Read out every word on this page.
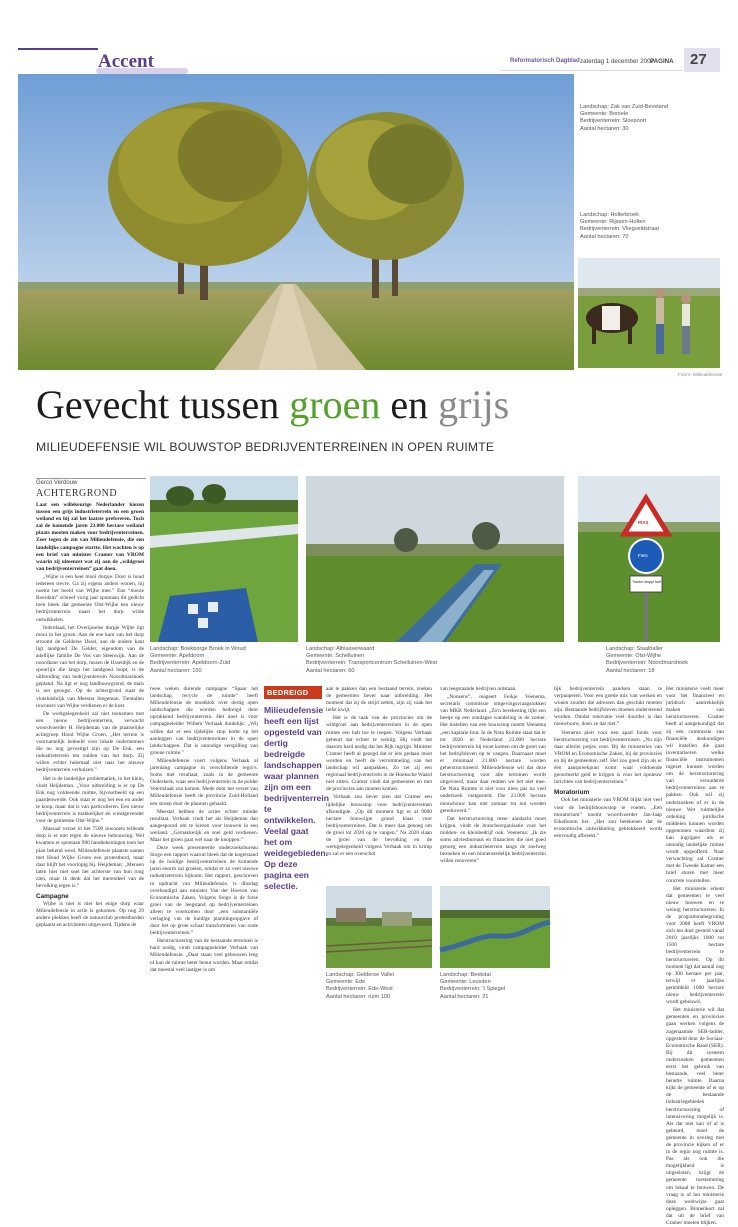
Accent	Reformatorisch Dagblad zaterdag 1 december 2007
PAGINA 27
Landschap: Zak van Zuid-Beveland
Gemeente: Borsele
Bedrijventerrein: Sloepoort
Aantal hectaren: 30
Landschap: Hollerbroek
Gemeente: Rijssen-Holten
Bedrijventerrein: Vliegveldstraat
Aantal hectaren: 70
Foto's: Milieudefensie
Gevecht tussen groen en grijs
MILIEUDEFENSIE WIL BOUWSTOP BEDRIJVENTERREINEN IN OPEN RUIMTE
Gerco Verdouw
ACHTERGROND
Landschap: Boekborge Broek in Woud
Gemeente: Apeldoorn
Bedrijventerrein: Apeldoorn-Zuid
Aantal hectaren: 150
Landschap: Alblasserwaard
Gemeente: Schelluinen
Bedrijventerrein: Transportcentrum Schelluinen-West
Aantal hectaren: 60
PIAS
Fiets
Tractor stoppt halt
Landschap: Staalhaller
Gemeente: Olst-Wijhe
Bedrijventerrein: Noordmarshoek
Aantal hectaren: 18

Laat een willekeurige Nederlander kiezen tussen een grijs industrieterrein en een groen weiland en hij zal het laatste prefereren. Toch zal de komende jaren 23.000 hectare weiland plaats moeten maken voor bedrijventerreinen. Zeer tegen de zin van Milieudefensie, die een landelijke campagne startte. Het wachten is op een brief van minister Cramer van VROM waarin zij uiteenzet wat zij aan de „wildgroei van bedrijventerreinen” gaat doen.

„Wijhe is een heel mooi dorpje. Door is houd iedereen trevre. Ga zij ergens anders wonen, hij noemt het beeld van Wijhe mee.” Ene “mooie Boerdam” schreef vorig jaar spontaan dit gedicht toen bleek dat gemeente Olst-Wijhe een nieuw bedrijventerrein naast het dorp wilde ontwikkelen.

Inderdaad, het Overijsselse dorpje Wijhe ligt mooi in het groen. Aan de ene kant van het dorp stroomt de Gelderse IJssel, aan de andere kant ligt landgoed De Gelder, eigendom van de adellijke familie De Vos van Steenwijk. Aan de noordkant van het dorp, tussen de IJsseldijk en de spoorlijn die langs het landgoed loopt, is de uitbreiding van bedrijventerrein Noordmarshoek gepland. Na ligt er nog landbouwgrond, de maïs is net geoogst. Op de achtergrond staat de vlotsluisbrijk van Meester Stegeman. Tientallen inwoners van Wijhe verdienen er de kost.

De werkgelegenheid zal niet toenemen met een nieuw bedrijventerrein, verwacht woordvoerder H. Heijdeman van de plaatselijke actiegroep Houd Wijhe Groen. „Het terrein is voornamelijk bedoeld voor lokale ondernemers die nu nog gevestigd zijn op De Enk, een industrieterrein ten zuiden van het dorp. Zij willen echter helemaal niet naar het nieuwe bedrijventerrein verhuizen.”

Het is de landelijke problematiek, in het klein, vindt Heijdeman. „Voor uitbreiding is er op De Enk nog voldoende ruimte, bijvoorbeeld op een paardenweide. Ook staat er nog het een en ander te koop, maar dat is van particulieren. Een nieuw bedrijventerrein is makkelijker én winstgevender voor de gemeente Olst-Wijhe.”

Massaal verzet in het 7500 inwoners tellende dorp is er niet tegen de nieuwe bebouwing. Wel kwamen er spontaan 900 handtekeningen toen het plan bekend werd. Milieudefensie plaatste samen met Houd Wijhe Groen een protestbord, maar daar blijft het voorlopig bij. Heijdeman: „Mensen laten hier niet snel het achterste van hun tong zien, maar ik denk dat het merendeel van de bevolking tegen is.”

Campagne

Wijhe is niet is niet het enige dorp waar Milieudefensie in actie is gekomen. Op nog 29 andere plekken heeft de natuurclub protestborden geplaatst en activiteiten uitgevoerd. Tijdens de

twee weken durende campagne “Spaar het landschap, recycle de ruimte” heeft Milieudefensie de noodklok over dertig open landschappen die worden bedreigd door oprukkend bedrijventerrein. Het doel is voor campagneleider Willem Verhaak duidelijk: „Wij willen dat er een tijdelijke stop komt op het aanleggen van bedrijventerreinen in de open landschappen. Dat is onnodige verspilling van groene ruimte.”

Milieudefensie voert volgens Verhaak al jarenlang campagne in verschillende regio's. Soms met resultaat, zoals in de gemeente Ouderkerk, waar een bedrijventerrein in de polder Vetertslaak zou komen. Mede door het verzet van Milieudefensie heeft de provincie Zuid-Holland een streep door de plannen gehaald.

Meestal hebben de acties echter minder resultaat. Verhaak vindt het als Heijdeman dan aangespoord om te kiezen voor bouwen in een weiland. „Gemakkelijk en snel geld verdienen. Maar het groen gaat wel naar de knoppen.”

Deze week presenteerde onderzoeksbureau Stogo een rapport waaruit bleek dat de kogelstand op de huidige bedrijventerreinen de komende jaren enorm zal groeien, omdat er zo veel nieuwe industrieterrein bijkomt. Het rapport, geschreven in opdracht van Milieudefensie, is dinsdag overhandigd aan minister Van der Hoeven van Economische Zaken. Volgens Stogo is de forse groei van de leegstand op bedrijventerreinen alleen te voorkomen door „een substantiële verlaging van de huidige planningsopgave of door het op grote schaal transformeren van oude bedrijventerreinen.”

Herstructurering van de bestaande terreinen is hard nodig, vindt campagneleider Verhaak van Milieudefensie. „Daar staan veel gebouwen leeg of kan de ruimte beter benut worden. Maar omdat dat meestal veel lastiger is om

BEDREIGD
Milieudefensie heeft een lijst opgesteld van dertig bedreigde landschappen waar plannen zijn om een bedrijventerrein te ontwikkelen. Veelal gaat het om weidegebieden. Op deze pagina een selectie.

aan te pakken dan een bestaand terrein, zoeken de gemeenten liever naar uitbreiding. Het moment dat zij de strijd zetten, zijn zij vaak het liefst kwijt.

Het is de taak van de provincies om de wildgroei aan bedrijventerreinen in de open ruimte een halt toe te roepen. Volgens Verhaak gebeurt dat echter te weinig. Hij vindt het daarom hard nodig dat het Rijk ingrijpt. Minister Cramer heeft al gezegd dat er iets gedaan moet worden en heeft de verrommeling van het landschap wil aanpakken. Zo zet zij een regionaal bedrijventerrein in de Hoeksche Waard niet zitten. Cramer vindt dat gemeenten en met de provincies aan moeten komen.

Verhaak zou liever zien dat Cramer een tijdelijke bouwstop voor bedrijventerreinen afkondigde. „Op dit moment ligt er al 9000 hectare bouwrijpe grond klaar voor bedrijventerreinen. Dat is meer dan genoeg om de groei tot 2020 op te vangen.” Na 2020 slaan de groei van de bevolking en de werkgelegenheid volgens Verhaak om in krimp en zal er een overschot

van leegstaande bedrijven ontstaan.

„Nonsens”, reageert Feikje Veenema, secretaris commissie omgevingsvraagstukken van MKB Nederland. „Zo'n berekening lijkt een beetje op een zondagse wandeling in de zomer. Het instellen van een bouwstop noemt Veenema „een kapitale fout. In de Nota Ruimte staat dat er tot 2020 in Nederland 23.000 hectare bedrijventerrein bij moet komen om de groei van het bedrijfsleven op te vangen. Daarnaast moet er minimaal 21.000 hectare worden geherstructureerd. Milieudefensie wil dat deze herstructurering voor alle terreinen wordt uitgevoerd, maar daar redden we het niet mee. De Nota Ruimte is niet voor niets pas na veel onderzoek vastgesteld. Die 23.000 hectare nieuwbouw kan niet zomaar tot nul worden gereduceerd.”

Dat herstructurering meer aandacht moet krijgen, vindt de brancheorganisatie voor het midden- en kleinbedrijf ook. Veenema: „Ik zie soms adviesbureaus en financiers die niet goed genoeg een industrieterrein langs de snelweg bezoeken en een binnenstedelijk bedrijventerrein willen renoveren”

lijk bedrijventerrein pandsen staan te verpauperen. Voor een goede mix van werken en wonen zouden die adressen dan geschikt moeten zijn. Bestaande bedrijfsleven moeten ondersteund worden. Omdat renovatie veel duurder is dan nieuwbouw, doen ze dat niet.”

Veenema pleit voor een apart fonds voor herstructurering van bedrijventerreinen. „Nu zijn daar allerlei potjes voor. Bij de ministeries van VROM en Economische Zaken, bij de provincies en bij de gemeenten zelf. Het zou goed zijn als er één aanspreekpunt komt waar voldoende geoormerkt geld te krijgen is voor het opnieuw inrichten van bedrijventerreinen.”

Moratorium

Ook het ministerie van VROM blijkt niet veel voor de bedrijfsbouwstop te voelen. „Een moratorium” noemt woordvoerder Jan-Jaap Eikelboom het. „Het zou betekenen dat de economische ontwikkeling geblokkeerd wordt eenvoudig afbreekt.”

Het ministerie voelt meer voor het financieel en juridisch aantrekkelijk maken van herstructureren. Cramer heeft al aangekondigd dat zij een commissie van financiële deskundigen wil instellen die gaat inventariseren welke financiële instrumenten ingezet kunnen worden om de herstructurering van verouderde bedrijventerreinen aan te pakken. Ook wil zij onderzoeken of er in de nieuwe Wet ruimtelijke ordening juridische middelen kunnen worden opgenomen waardoor zij kan ingrijpen als er onnodig landelijke ruimte wordt opgeofferd. Naar verwachting zal Cramer met de Tweede Kamer een brief sturen met meer concrete voorstellen.

Het ministerie erkent dat gemeenten te veel nieuw bouwen en te weinig herstructureren. In de programmabegroting voor 2008 heeft VROM zich ten doel gesteld vanaf 2010 jaarlijks 1000 tot 1500 hectare bedrijventerrein te herstructureren. Op dit moment ligt dat aantal nog op 300 hectare per jaar, terwijl er jaarlijks gemiddeld 1000 hectare nieuw bedrijventerrein wordt gebouwd.

Het ministerie wil dat gemeenten en provincies gaan werken volgens de zogenaamde SER-ladder, opgesteld door de Sociaal-Economische Raad (SER). Bij dit systeem onderzoeken gemeenten eerst het gebruik van bestaande, veel beter benutte ruimte. Daarna kijkt de gemeente of er op de bestaande industriegebieden herstructurering of intensivering mogelijk is. Als dat niet kan of al is gebeurd, moet de gemeente in overleg met de provincie kijken of er in de regio nog ruimte is. Pas als ook die mogelijkheid is uitgesloten, krijgt de gemeente toestemming om lokaal te bouwen. De vraag is of het ministerie deze werkwijze gaat opleggen. Binnenkort zal dat uit de brief van Cramer moeten blijken.

Landschap: Gelderse Vallei
Gemeente: Ede
Bedrijventerrein: Ede-West
Aantal hectaren: ruim 100
Landschap: Beekdal
Gemeente: Leusden
Bedrijventerrein: 't Spiegel
Aantal hectaren: 21
